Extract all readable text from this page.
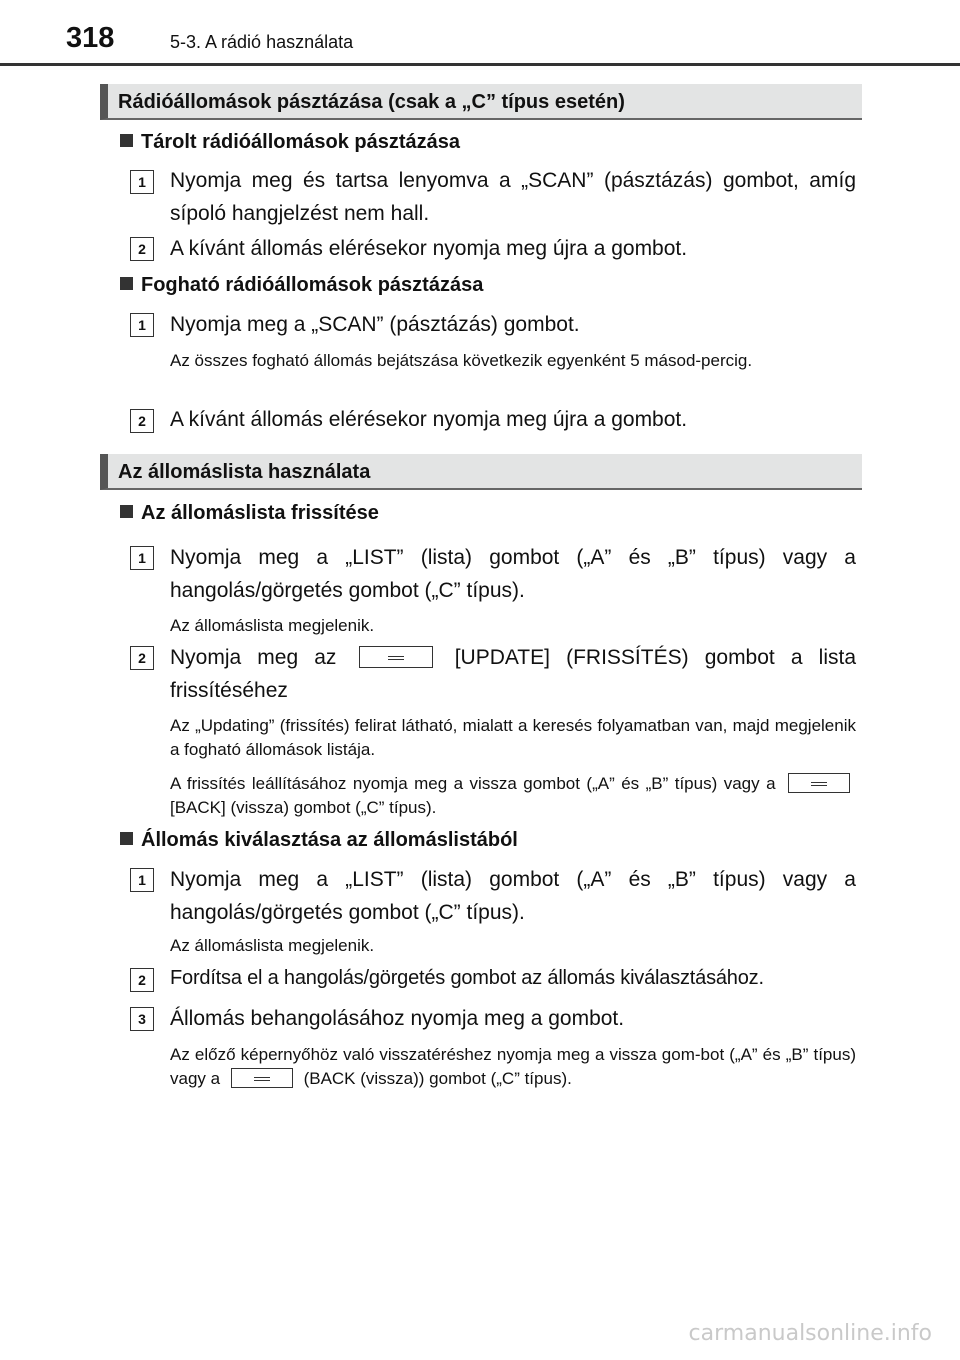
318	5-3. A rádió használata
Rádióállomások pásztázása (csak a „C” típus esetén)
Tárolt rádióállomások pásztázása
1	Nyomja meg és tartsa lenyomva a „SCAN” (pásztázás) gombot, amíg sípoló hangjelzést nem hall.
2	A kívánt állomás elérésekor nyomja meg újra a gombot.
Fogható rádióállomások pásztázása
1	Nyomja meg a „SCAN” (pásztázás) gombot.
Az összes fogható állomás bejátszása következik egyenként 5 másod-percig.
2	A kívánt állomás elérésekor nyomja meg újra a gombot.
Az állomáslista használata
Az állomáslista frissítése
1	Nyomja meg a „LIST” (lista) gombot („A” és „B” típus) vagy a hangolás/görgetés gombot („C” típus).
Az állomáslista megjelenik.
2	Nyomja meg az	[UPDATE] (FRISSÍTÉS) gombot a lista frissítéséhez
Az „Updating” (frissítés) felirat látható, mialatt a keresés folyamatban van, majd megjelenik a fogható állomások listája.
A frissítés leállításához nyomja meg a vissza gombot („A” és „B” típus) vagy a  [BACK] (vissza) gombot („C” típus).
Állomás kiválasztása az állomáslistából
1	Nyomja meg a „LIST” (lista) gombot („A” és „B” típus) vagy a hangolás/görgetés gombot („C” típus).
Az állomáslista megjelenik.
2	Fordítsa el a hangolás/görgetés gombot az állomás kiválasztásához.
3	Állomás behangolásához nyomja meg a gombot.
Az előző képernyőhöz való visszatéréshez nyomja meg a vissza gom-bot („A” és „B” típus) vagy a	(BACK (vissza)) gombot („C” típus).
carmanualsonline.info
